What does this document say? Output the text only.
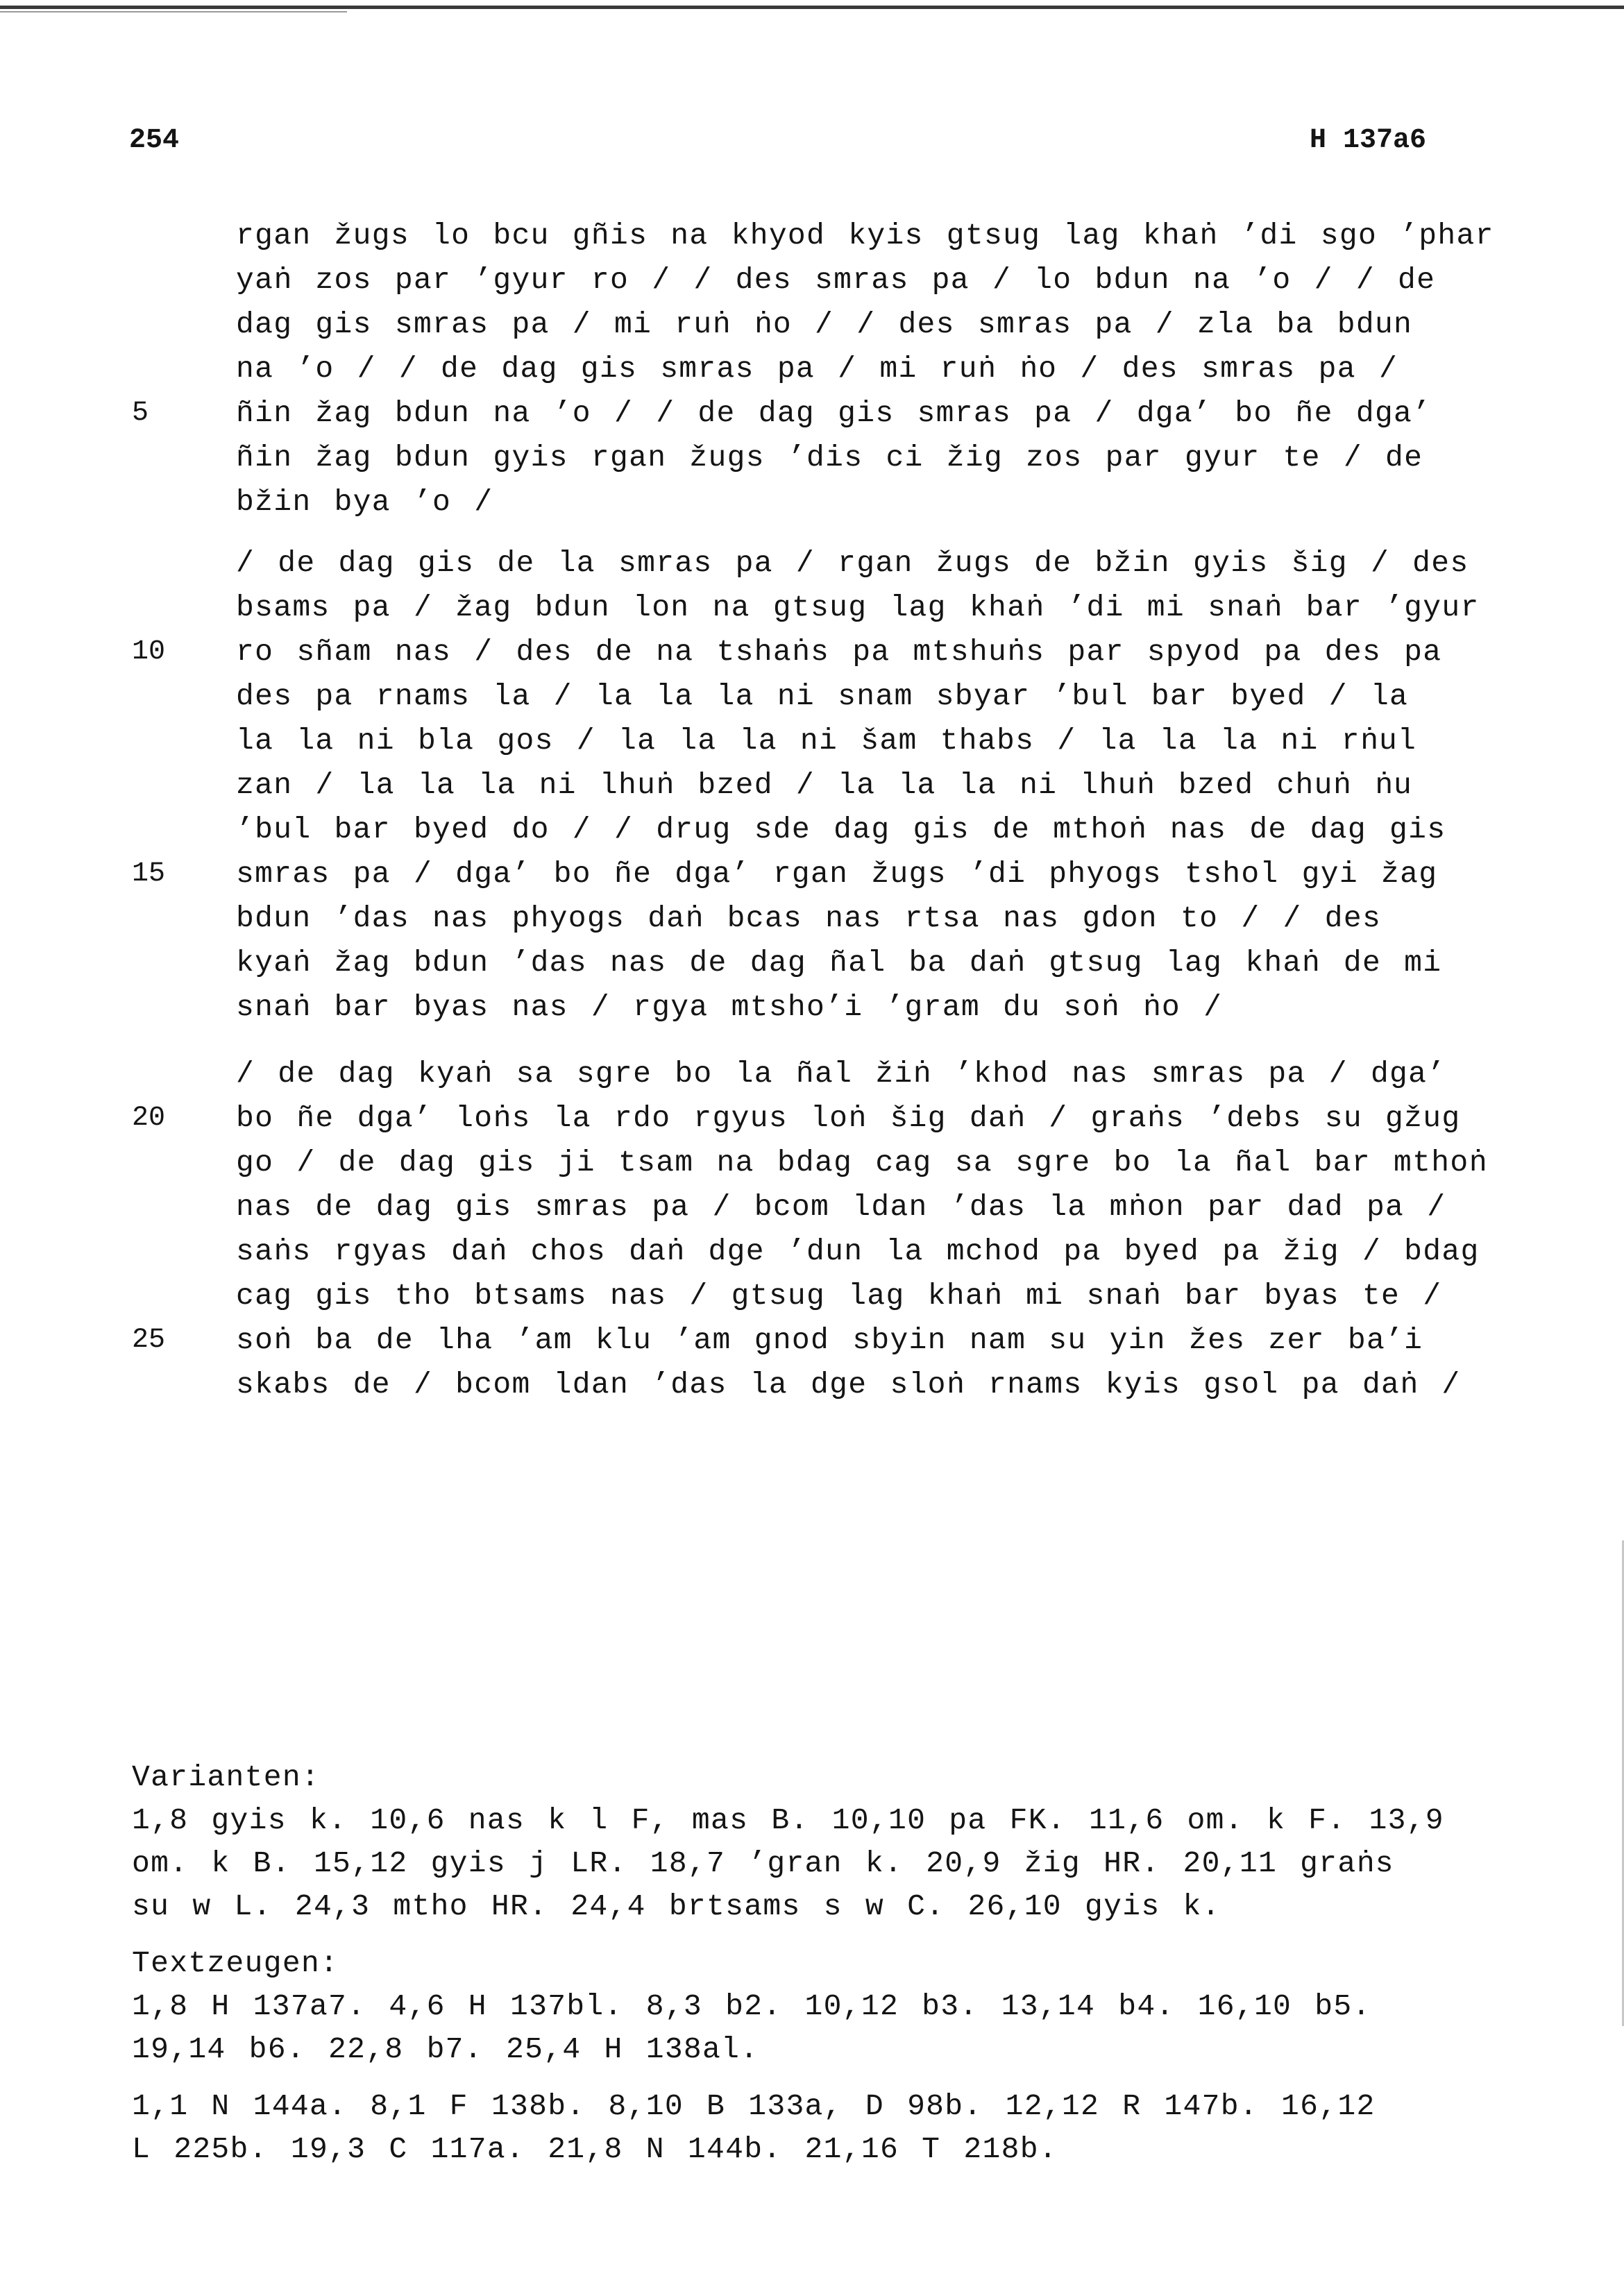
254	H 137a6
rgan žugs lo bcu gñis na khyod kyis gtsug lag khaṅ ’di sgo ’phar
yaṅ zos par ’gyur ro / / des smras pa / lo bdun na ’o / / de
dag gis smras pa / mi ruṅ ṅo / / des smras pa / zla ba bdun
na ’o / / de dag gis smras pa / mi ruṅ ṅo / des smras pa /
ñin žag bdun na ’o / / de dag gis smras pa / dga’ bo ñe dga’
ñin žag bdun gyis rgan žugs ’dis ci žig zos par gyur te / de
bžin bya ’o /
/ de dag gis de la smras pa / rgan žugs de bžin gyis šig / des
bsams pa / žag bdun lon na gtsug lag khaṅ ’di mi snaṅ bar ’gyur
ro sñam nas / des de na tshaṅs pa mtshuṅs par spyod pa des pa
des pa rnams la / la la la ni snam sbyar ’bul bar byed / la
la la ni bla gos / la la la ni šam thabs / la la la ni rṅul
zan / la la la ni lhuṅ bzed / la la la ni lhuṅ bzed chuṅ ṅu
’bul bar byed do / / drug sde dag gis de mthoṅ nas de dag gis
smras pa / dga’ bo ñe dga’ rgan žugs ’di phyogs tshol gyi žag
bdun ’das nas phyogs daṅ bcas nas rtsa nas gdon to / / des
kyaṅ žag bdun ’das nas de dag ñal ba daṅ gtsug lag khaṅ de mi
snaṅ bar byas nas / rgya mtsho’i ’gram du soṅ ṅo /
/ de dag kyaṅ sa sgre bo la ñal žiṅ ’khod nas smras pa / dga’
bo ñe dga’ loṅs la rdo rgyus loṅ šig daṅ / graṅs ’debs su gžug
go / de dag gis ji tsam na bdag cag sa sgre bo la ñal bar mthoṅ
nas de dag gis smras pa / bcom ldan ’das la mṅon par dad pa /
saṅs rgyas daṅ chos daṅ dge ’dun la mchod pa byed pa žig / bdag
cag gis tho btsams nas / gtsug lag khaṅ mi snaṅ bar byas te /
soṅ ba de lha ’am klu ’am gnod sbyin nam su yin žes zer ba’i
skabs de / bcom ldan ’das la dge sloṅ rnams kyis gsol pa daṅ /
5
10
15
20
25
Varianten:
1,8 gyis k. 10,6 nas k l F, mas B. 10,10 pa FK. 11,6 om. k F. 13,9
om. k B. 15,12 gyis j LR. 18,7 ’gran k. 20,9 žig HR. 20,11 graṅs
su w L. 24,3 mtho HR. 24,4 brtsams s w C. 26,10 gyis k.
Textzeugen:
1,8 H 137a7. 4,6 H 137bl. 8,3 b2. 10,12 b3. 13,14 b4. 16,10 b5.
19,14 b6. 22,8 b7. 25,4 H 138al.
1,1 N 144a. 8,1 F 138b. 8,10 B 133a, D 98b. 12,12 R 147b. 16,12
L 225b. 19,3 C 117a. 21,8 N 144b. 21,16 T 218b.
